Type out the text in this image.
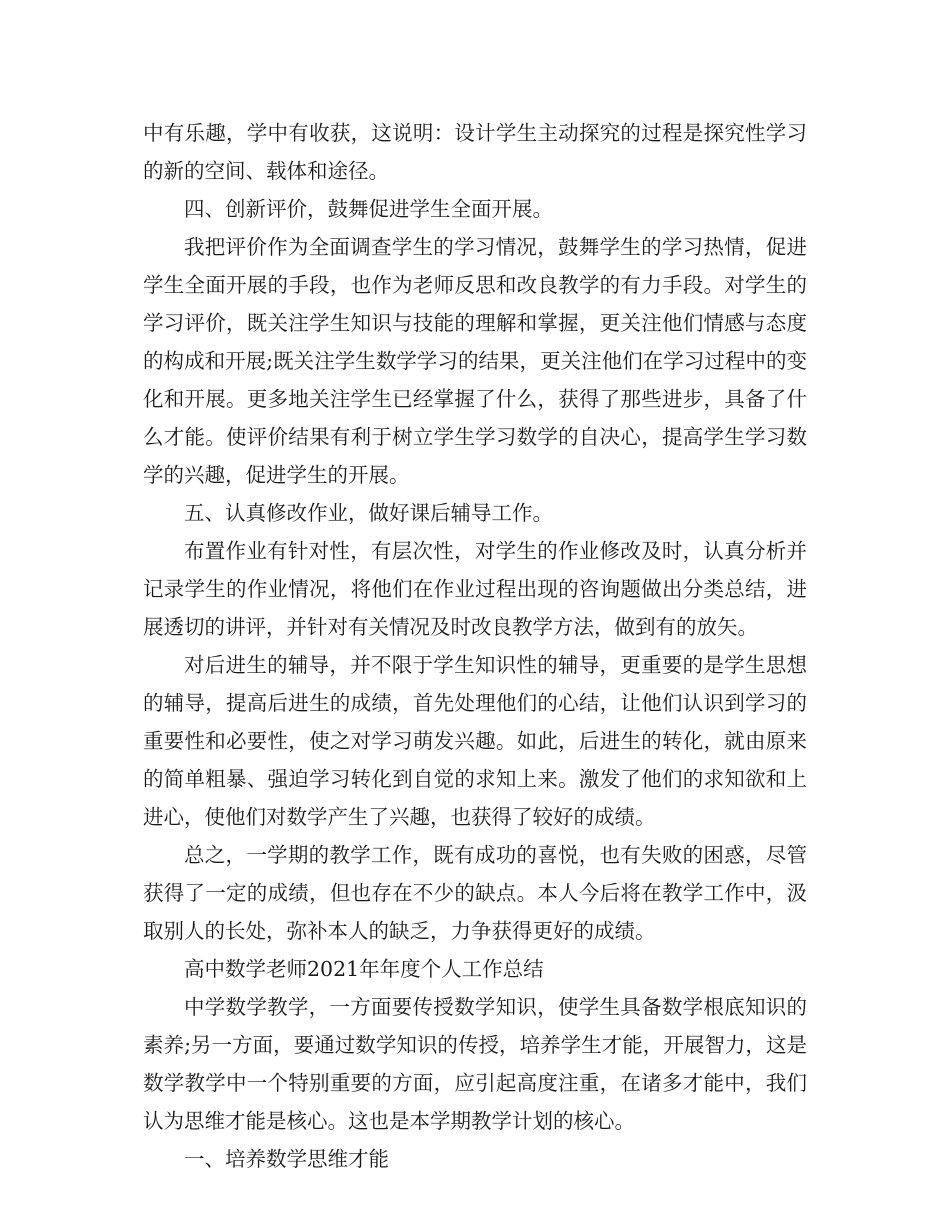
中有乐趣，学中有收获，这说明：设计学生主动探究的过程是探究性学习的新的空间、载体和途径。

四、创新评价，鼓舞促进学生全面开展。

我把评价作为全面调查学生的学习情况，鼓舞学生的学习热情，促进学生全面开展的手段，也作为老师反思和改良教学的有力手段。对学生的学习评价，既关注学生知识与技能的理解和掌握，更关注他们情感与态度的构成和开展;既关注学生数学学习的结果，更关注他们在学习过程中的变化和开展。更多地关注学生已经掌握了什么，获得了那些进步，具备了什么才能。使评价结果有利于树立学生学习数学的自决心，提高学生学习数学的兴趣，促进学生的开展。

五、认真修改作业，做好课后辅导工作。

布置作业有针对性，有层次性，对学生的作业修改及时，认真分析并记录学生的作业情况，将他们在作业过程出现的咨询题做出分类总结，进展透切的讲评，并针对有关情况及时改良教学方法，做到有的放矢。

对后进生的辅导，并不限于学生知识性的辅导，更重要的是学生思想的辅导，提高后进生的成绩，首先处理他们的心结，让他们认识到学习的重要性和必要性，使之对学习萌发兴趣。如此，后进生的转化，就由原来的简单粗暴、强迫学习转化到自觉的求知上来。激发了他们的求知欲和上进心，使他们对数学产生了兴趣，也获得了较好的成绩。

总之，一学期的教学工作，既有成功的喜悦，也有失败的困惑，尽管获得了一定的成绩，但也存在不少的缺点。本人今后将在教学工作中，汲取别人的长处，弥补本人的缺乏，力争获得更好的成绩。

高中数学老师2021年年度个人工作总结

中学数学教学，一方面要传授数学知识，使学生具备数学根底知识的素养;另一方面，要通过数学知识的传授，培养学生才能，开展智力，这是数学教学中一个特别重要的方面，应引起高度注重，在诸多才能中，我们认为思维才能是核心。这也是本学期教学计划的核心。

一、培养数学思维才能
